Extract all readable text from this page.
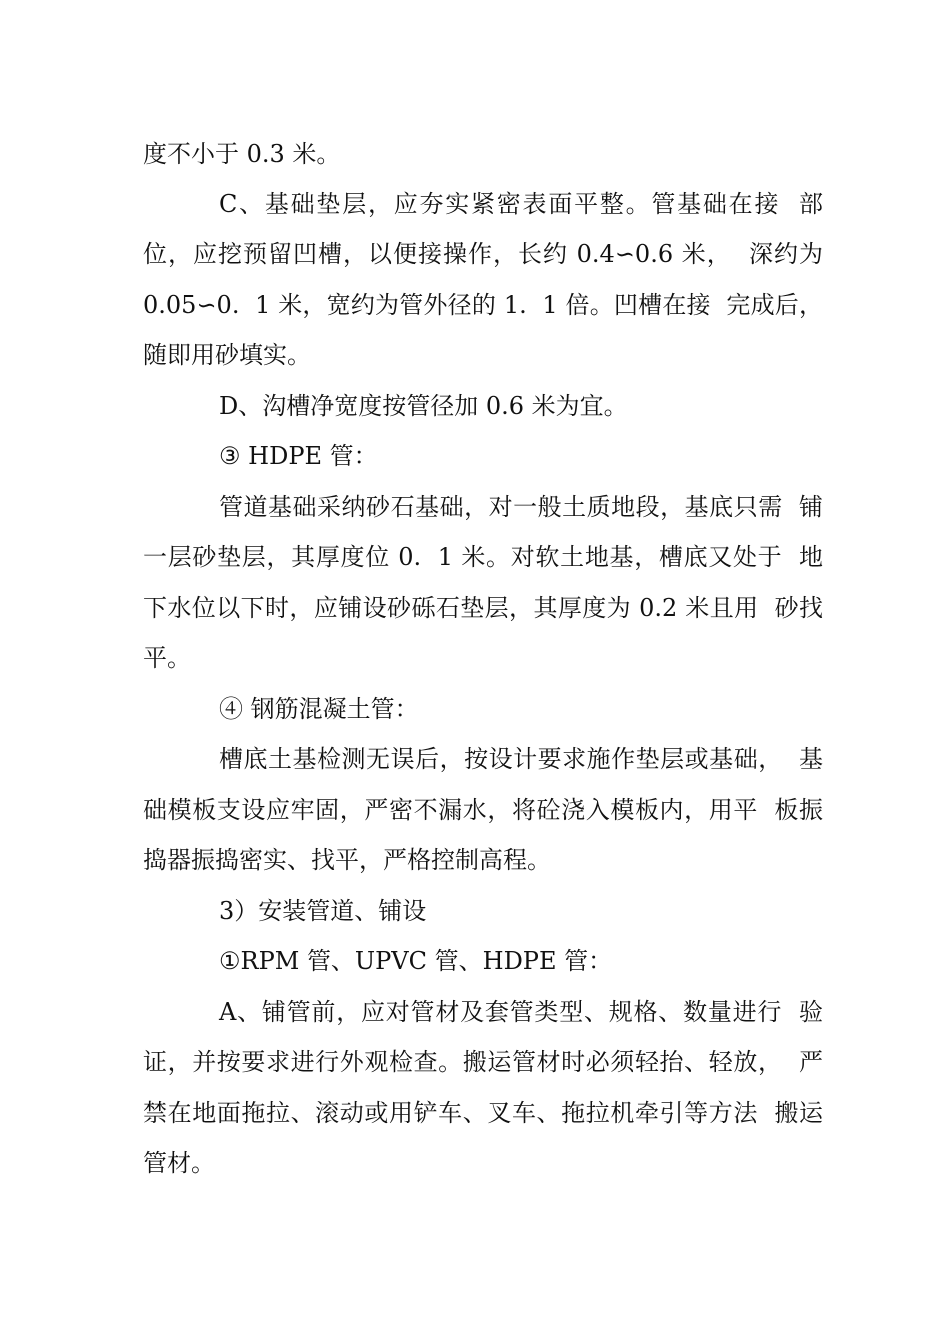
度不小于 0.3 米。
C、基础垫层，应夯实紧密表面平整。管基础在接  部
位，应挖预留凹槽，以便接操作，长约 0.4∽0.6 米，  深约为
0.05∽0.  1 米，宽约为管外径的 1.  1 倍。凹槽在接  完成后，
随即用砂填实。
D、沟槽净宽度按管径加 0.6 米为宜。
③ HDPE 管：
管道基础采纳砂石基础，对一般土质地段，基底只需  铺
一层砂垫层，其厚度位 0.  1 米。对软土地基，槽底又处于  地
下水位以下时，应铺设砂砾石垫层，其厚度为 0.2 米且用  砂找
平。
④ 钢筋混凝土管：
槽底土基检测无误后，按设计要求施作垫层或基础，  基
础模板支设应牢固，严密不漏水，将砼浇入模板内，用平  板振
捣器振捣密实、找平，严格控制高程。
3）安装管道、铺设
①RPM 管、UPVC 管、HDPE 管：
A、铺管前，应对管材及套管类型、规格、数量进行  验
证，并按要求进行外观检查。搬运管材时必须轻抬、轻放，  严
禁在地面拖拉、滚动或用铲车、叉车、拖拉机牵引等方法  搬运
管材。
